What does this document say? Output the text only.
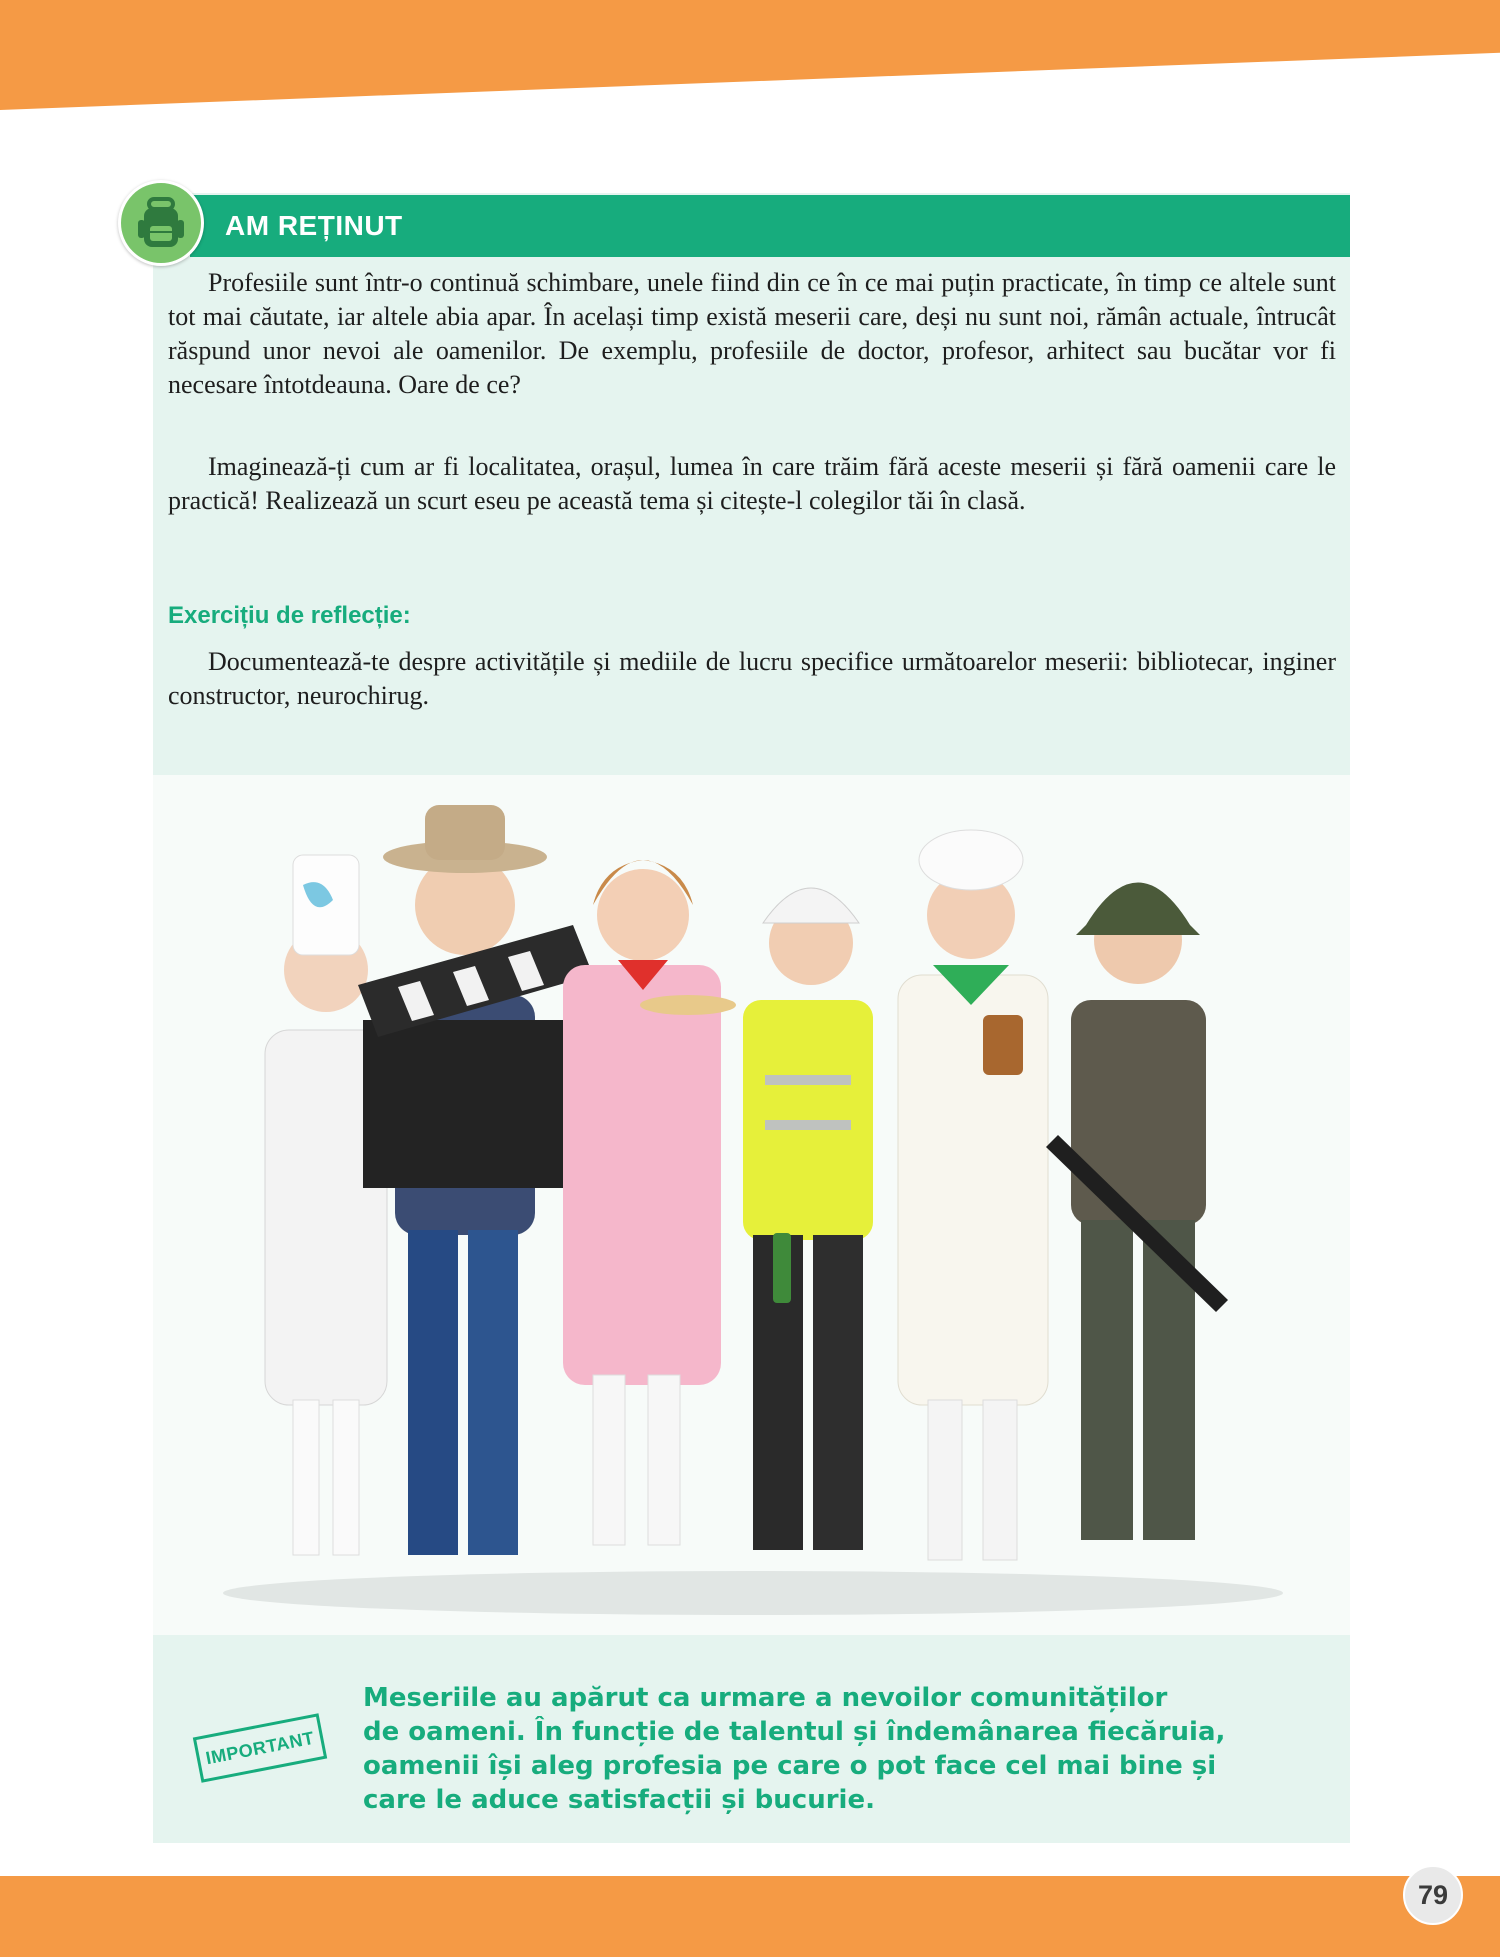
AM REȚINUT

Profesiile sunt într-o continuă schimbare, unele fiind din ce în ce mai puțin practicate, în timp ce altele sunt tot mai căutate, iar altele abia apar. În același timp există meserii care, deși nu sunt noi, rămân actuale, întrucât răspund unor nevoi ale oamenilor. De exemplu, profesiile de doctor, profesor, arhitect sau bucătar vor fi necesare întotdeauna. Oare de ce?

Imaginează-ți cum ar fi localitatea, orașul, lumea în care trăim fără aceste meserii și fără oamenii care le practică! Realizează un scurt eseu pe această tema și citește-l colegilor tăi în clasă.

Exercițiu de reflecție:

Documentează-te despre activitățile și mediile de lucru specifice următoarelor meserii: bibliotecar, inginer constructor, neurochirug.

IMPORTANT
Meseriile au apărut ca urmare a nevoilor comunităților
de oameni. În funcție de talentul și îndemânarea fiecăruia,
oamenii își aleg profesia pe care o pot face cel mai bine și
care le aduce satisfacții și bucurie.
79
